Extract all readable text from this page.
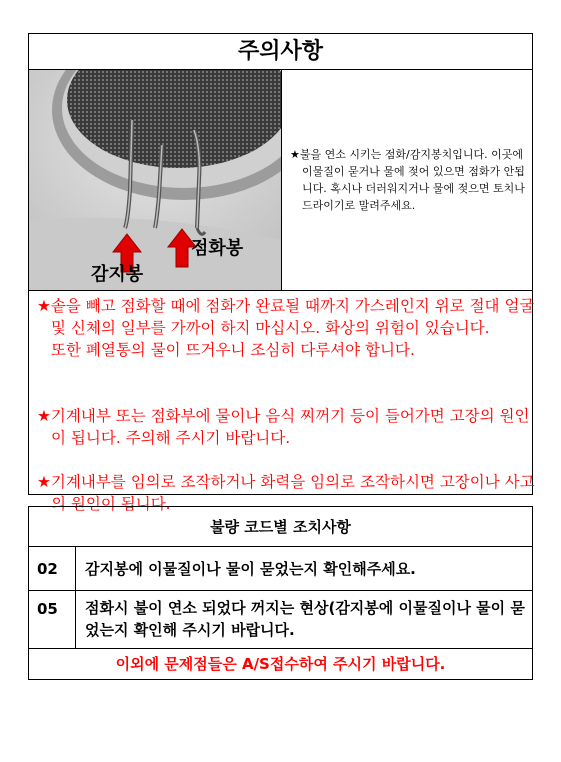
주의사항
점화봉
감지봉
★불을 연소 시키는 점화/감지봉치입니다. 이곳에 이물질이 묻거나 물에 젖어 있으면 점화가 안됩니다. 혹시나 더러워지거나 물에 젖으면 토치나 드라이기로 말려주세요.
★솥을 빼고 점화할 때에 점화가 완료될 때까지 가스레인지 위로 절대 얼굴 및 신체의 일부를 가까이 하지 마십시오. 화상의 위험이 있습니다.
또한 폐열통의 물이 뜨거우니 조심히 다루셔야 합니다.
★기계내부 또는 점화부에 물이나 음식 찌꺼기 등이 들어가면 고장의 원인이 됩니다. 주의해 주시기 바랍니다.
★기계내부를 임의로 조작하거나 화력을 임의로 조작하시면 고장이나 사고의 원인이 됩니다.
불량 코드별 조치사항
02	감지봉에 이물질이나 물이 묻었는지 확인해주세요.
05	점화시 불이 연소 되었다 꺼지는 현상(감지봉에 이물질이나 물이 묻었는지 확인해 주시기 바랍니다.
이외에 문제점들은 A/S접수하여 주시기 바랍니다.
